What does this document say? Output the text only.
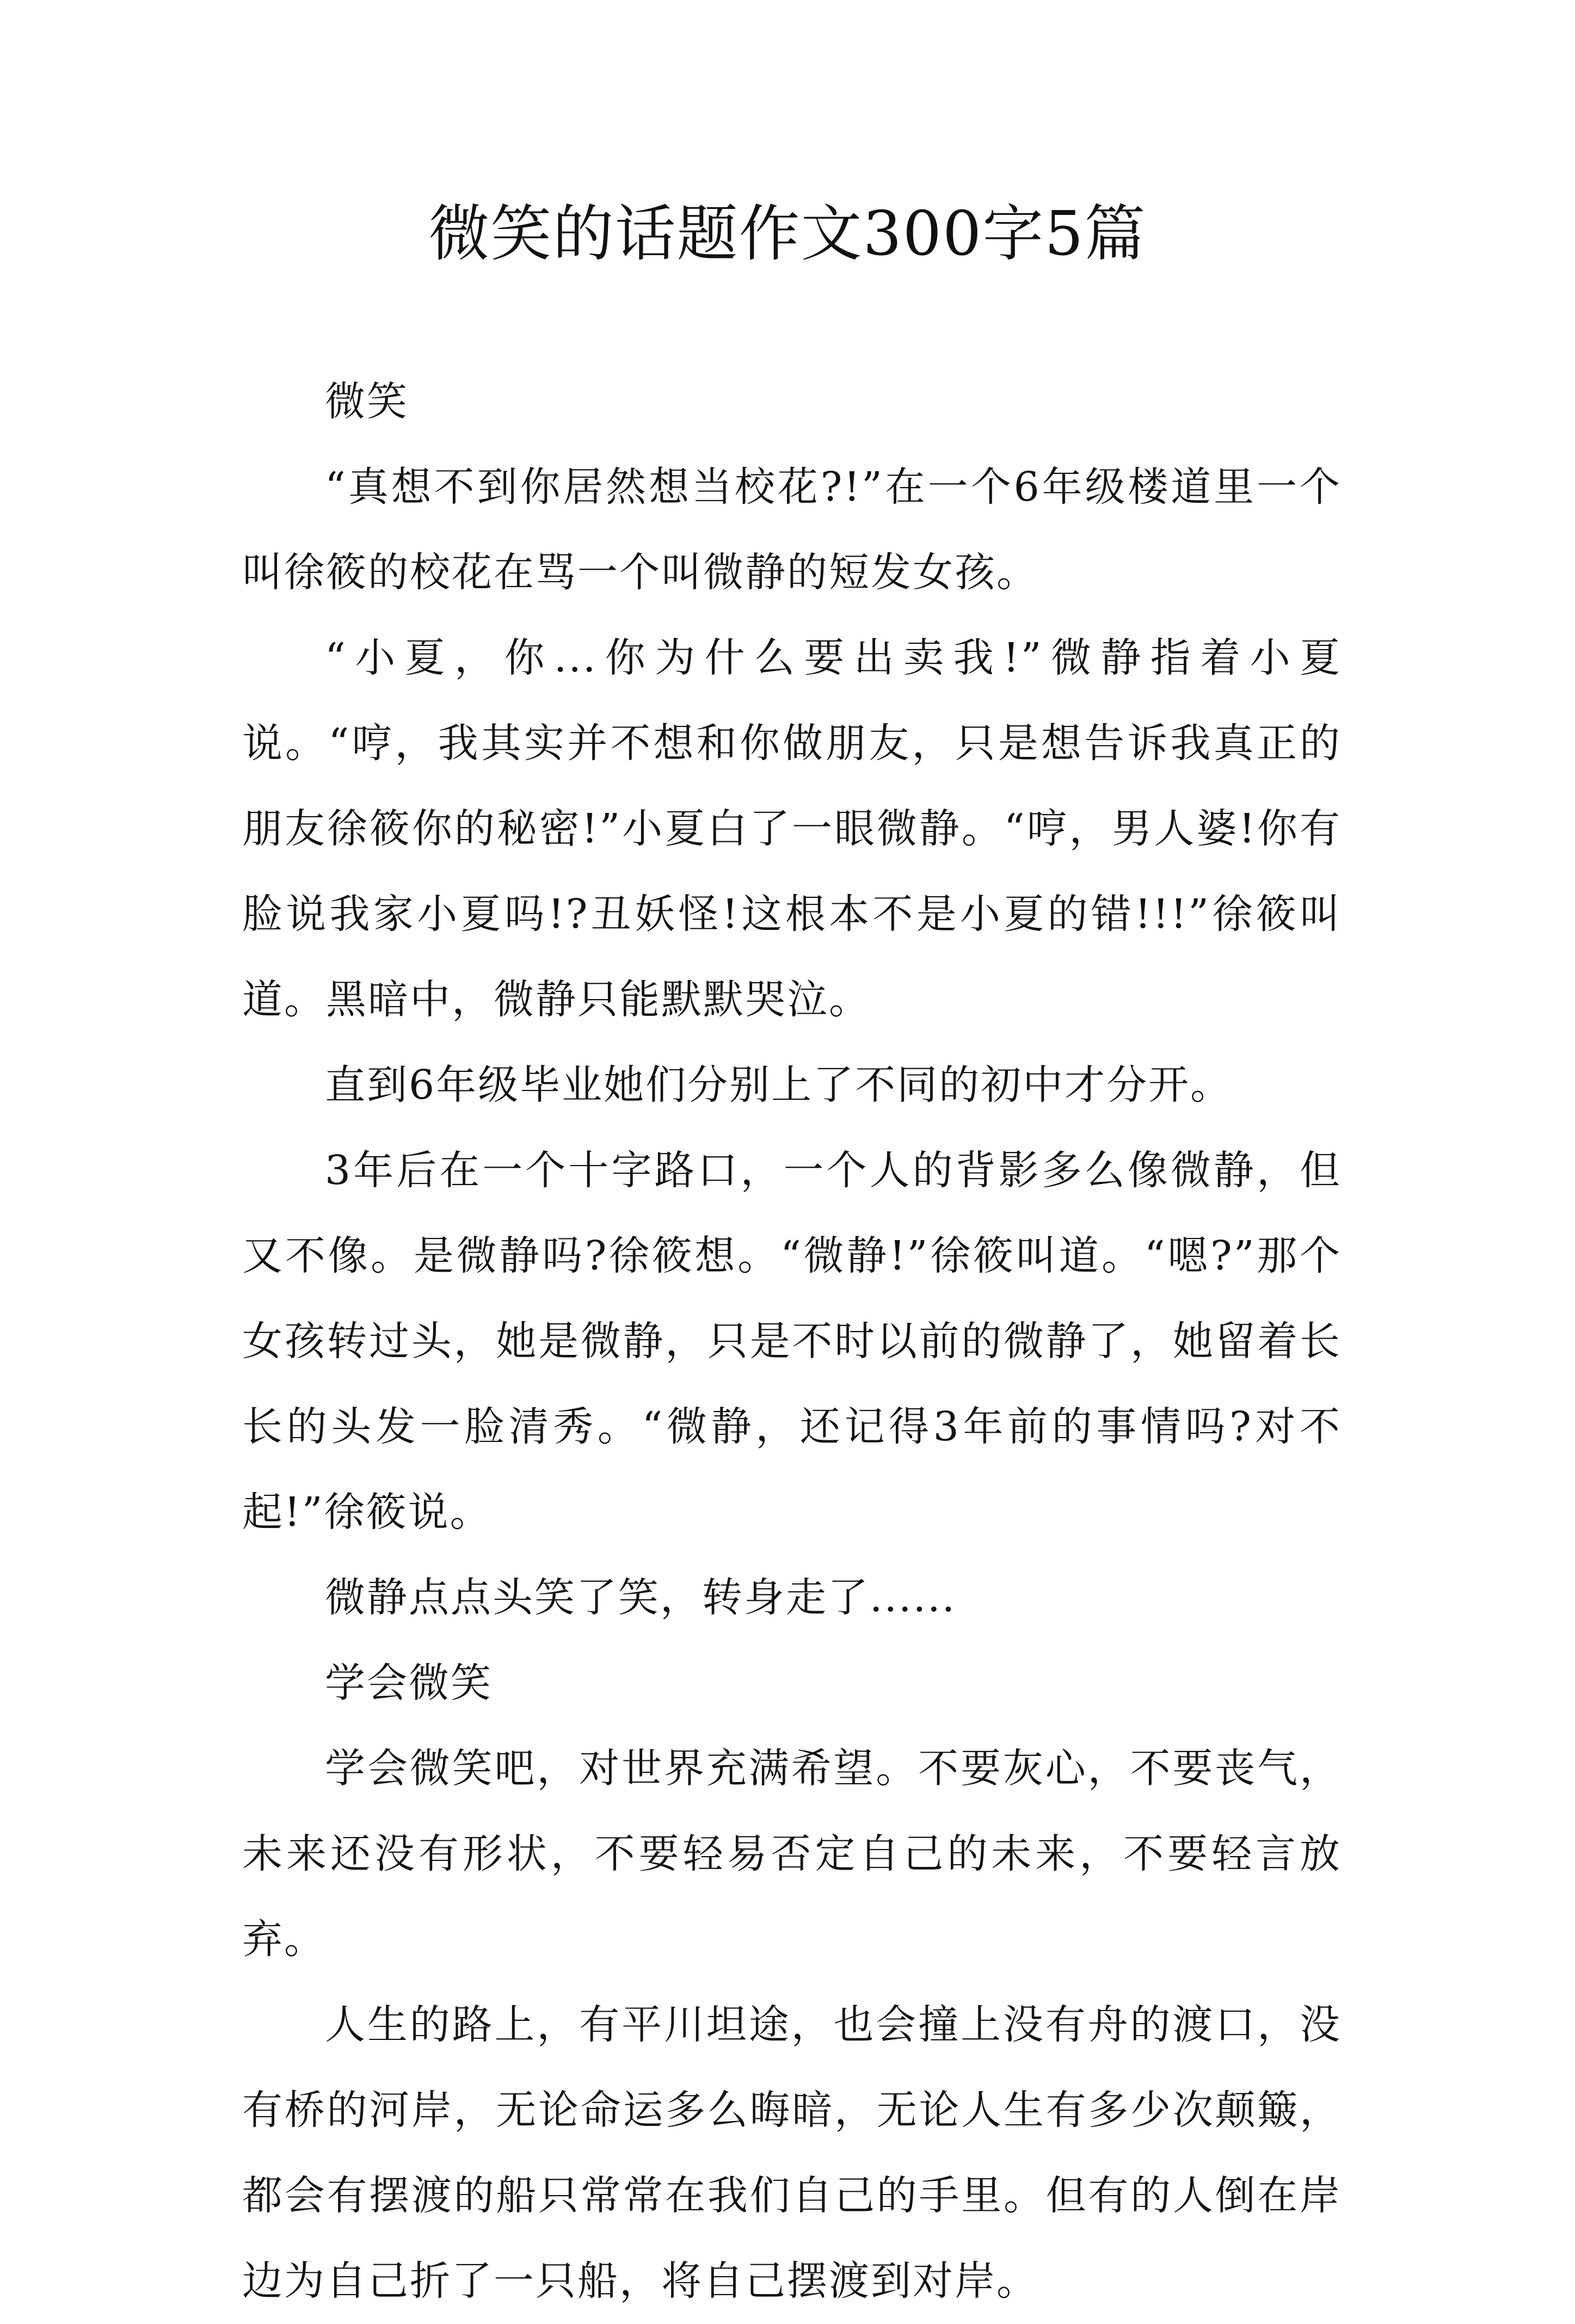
微笑的话题作文300字5篇

微笑

“真想不到你居然想当校花?!”在一个6年级楼道里一个叫徐筱的校花在骂一个叫微静的短发女孩。

“小夏，你...你为什么要出卖我!”微静指着小夏说。“哼，我其实并不想和你做朋友，只是想告诉我真正的朋友徐筱你的秘密!”小夏白了一眼微静。“哼，男人婆!你有脸说我家小夏吗!?丑妖怪!这根本不是小夏的错!!!”徐筱叫道。黑暗中，微静只能默默哭泣。

直到6年级毕业她们分别上了不同的初中才分开。

3年后在一个十字路口，一个人的背影多么像微静，但又不像。是微静吗?徐筱想。“微静!”徐筱叫道。“嗯?”那个女孩转过头，她是微静，只是不时以前的微静了，她留着长长的头发一脸清秀。“微静，还记得3年前的事情吗?对不起!”徐筱说。

微静点点头笑了笑，转身走了......

学会微笑

学会微笑吧，对世界充满希望。不要灰心，不要丧气，未来还没有形状，不要轻易否定自己的未来，不要轻言放弃。

人生的路上，有平川坦途，也会撞上没有舟的渡口，没有桥的河岸，无论命运多么晦暗，无论人生有多少次颠簸，都会有摆渡的船只常常在我们自己的手里。但有的人倒在岸边为自己折了一只船，将自己摆渡到对岸。
